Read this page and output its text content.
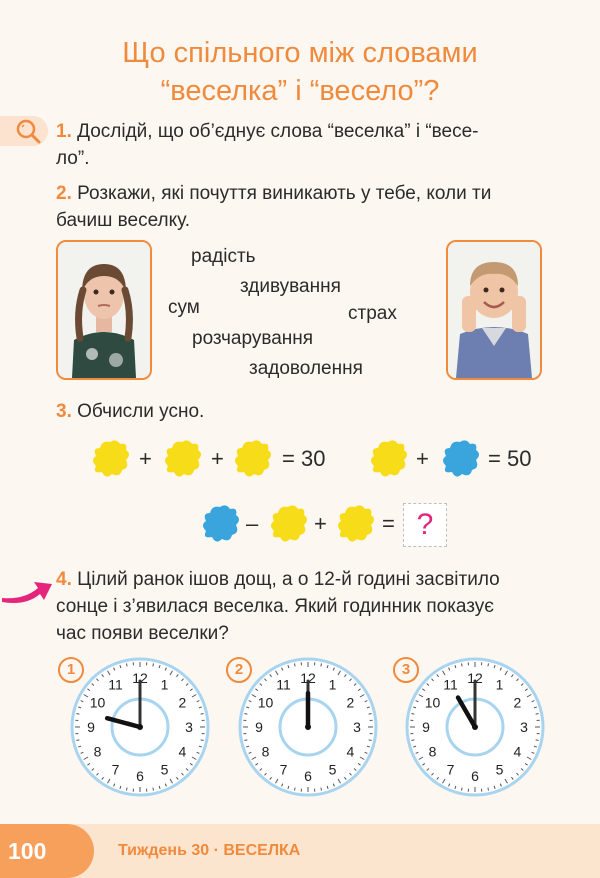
Що спільного між словами
“веселка” і “весело”?
1. Дослідй, що об’єднує слова “веселка” і “весе-
ло”.
2. Розкажи, які почуття виникають у тебе, коли ти
бачиш веселку.
радість
здивування
сум	страх
розчарування
задоволення
3. Обчисли усно.
+	+	= 30	+	= 50
–	+	= ?
4. Цілий ранок ішов дощ, а о 12-й годині засвітило
сонце і з’явилася веселка. Який годинник показує
час появи веселки?
12 1
2
3
4
5
6
7
8
9
10
11
1	12 1
2
3
4
5
6
7
8
9
10
11
2	12 1
2
3
4
5
6
7
8
9
10
11
3
100	Тиждень 30 · ВЕСЕЛКА
